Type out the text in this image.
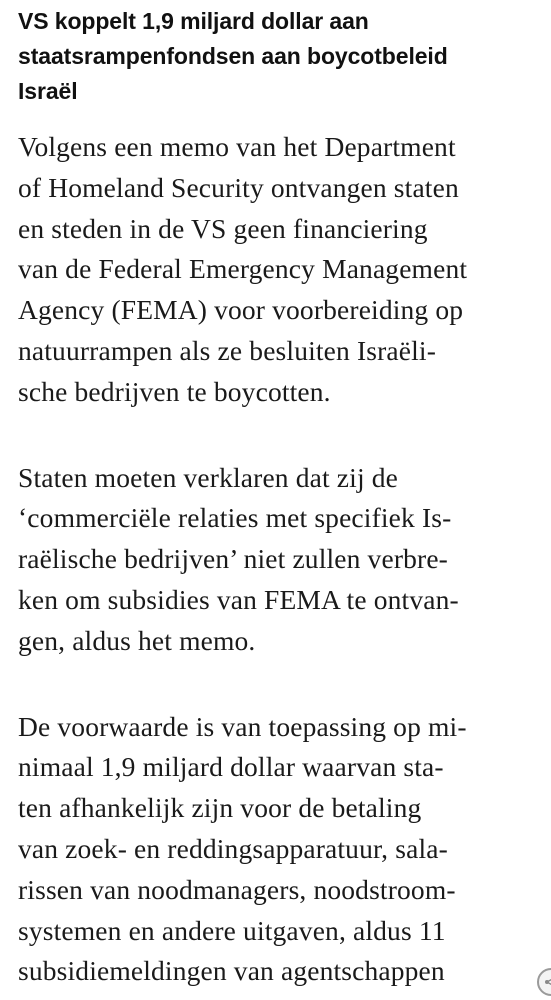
VS koppelt 1,9 miljard dollar aan
staatsrampenfondsen aan boycotbeleid
Israël

Volgens een memo van het Department
of Homeland Security ontvangen staten
en steden in de VS geen financiering
van de Federal Emergency Management
Agency (FEMA) voor voorbereiding op
natuurrampen als ze besluiten Israëli-
sche bedrijven te boycotten.

Staten moeten verklaren dat zij de
‘commerciële relaties met specifiek Is-
raëlische bedrijven’ niet zullen verbre-
ken om subsidies van FEMA te ontvan-
gen, aldus het memo.

De voorwaarde is van toepassing op mi-
nimaal 1,9 miljard dollar waarvan sta-
ten afhankelijk zijn voor de betaling
van zoek- en reddingsapparatuur, sala-
rissen van noodmanagers, noodstroom-
systemen en andere uitgaven, aldus 11
subsidiemeldingen van agentschappen
